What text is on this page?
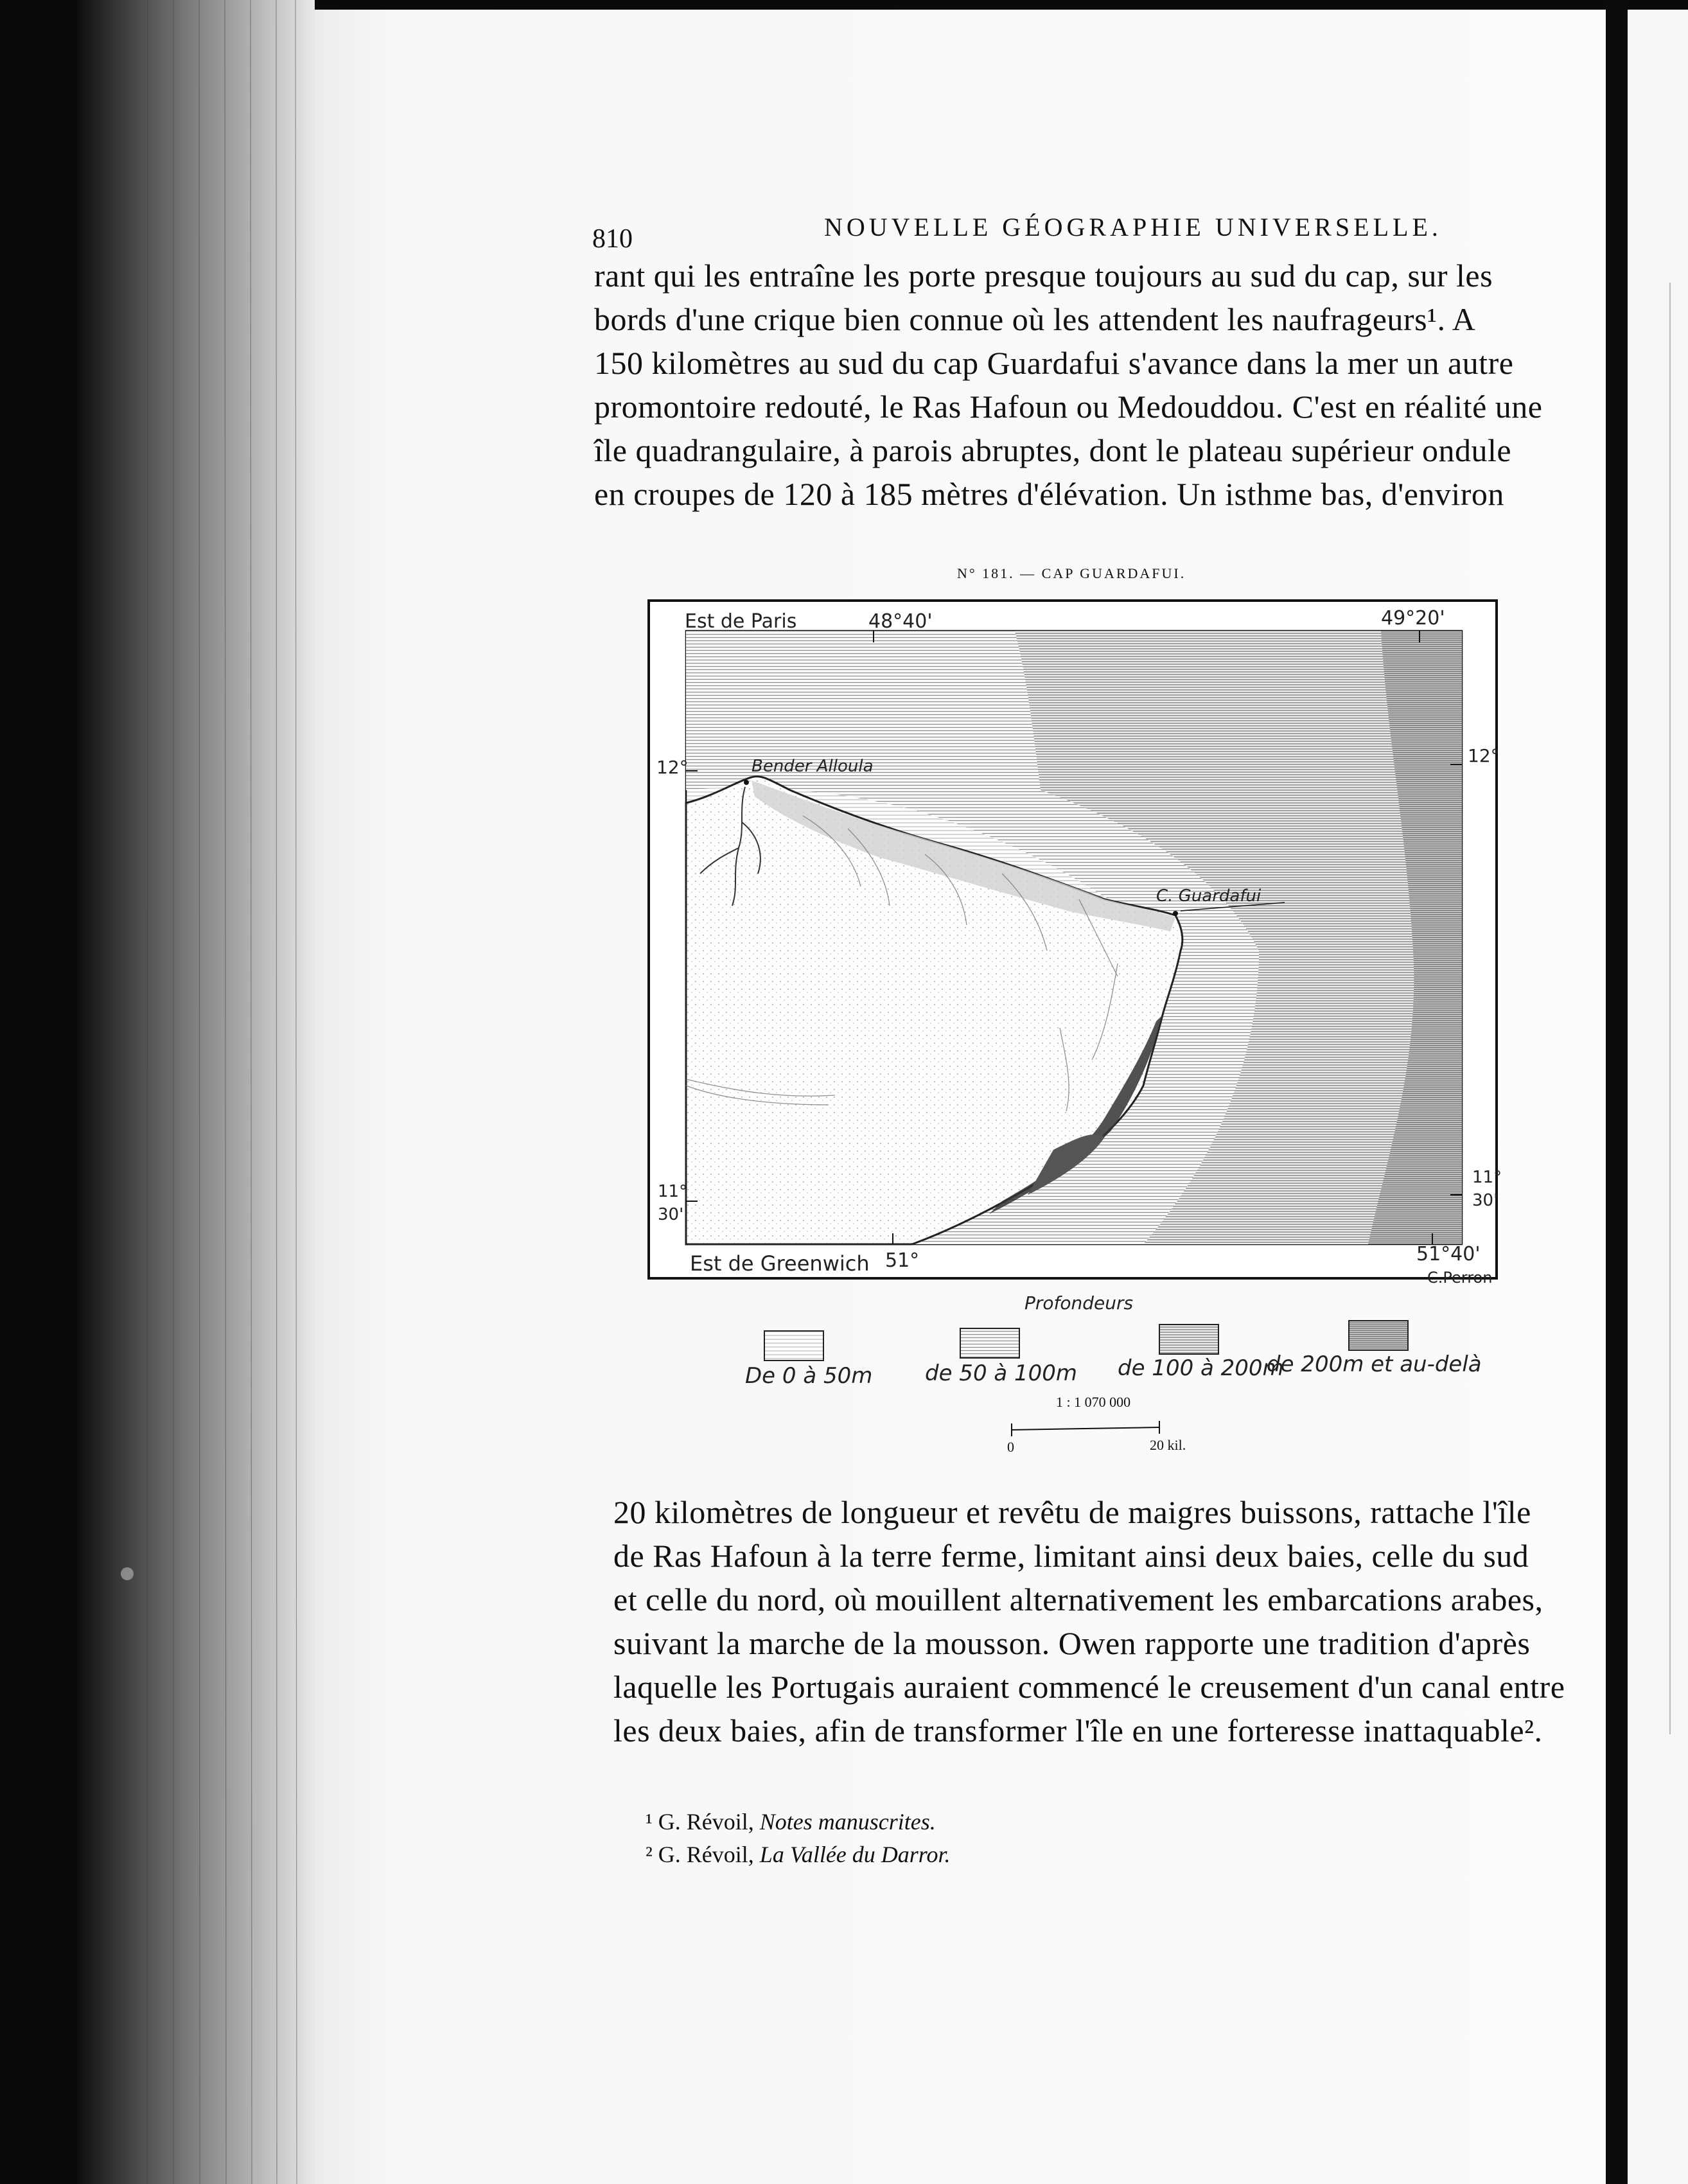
810	NOUVELLE GÉOGRAPHIE UNIVERSELLE.
rant qui les entraîne les porte presque toujours au sud du cap, sur les
bords d'une crique bien connue où les attendent les naufrageurs¹. A
150 kilomètres au sud du cap Guardafui s'avance dans la mer un autre
promontoire redouté, le Ras Hafoun ou Medouddou. C'est en réalité une
île quadrangulaire, à parois abruptes, dont le plateau supérieur ondule
en croupes de 120 à 185 mètres d'élévation. Un isthme bas, d'environ
N° 181. — CAP GUARDAFUI.
Est de Paris	48°40'	49°20'
12°
12°
11°
30'
11°
30'
Est de Greenwich 51°	51°40'
C.Perron
Bender Alloula
C. Guardafui
Profondeurs
De 0 à 50m de 50 à 100m de 100 à 200m
de 200m et au-delà
1 : 1 070 000
0	20 kil.
20 kilomètres de longueur et revêtu de maigres buissons, rattache l'île
de Ras Hafoun à la terre ferme, limitant ainsi deux baies, celle du sud
et celle du nord, où mouillent alternativement les embarcations arabes,
suivant la marche de la mousson. Owen rapporte une tradition d'après
laquelle les Portugais auraient commencé le creusement d'un canal entre
les deux baies, afin de transformer l'île en une forteresse inattaquable².
¹ G. Révoil, Notes manuscrites.
² G. Révoil, La Vallée du Darror.
